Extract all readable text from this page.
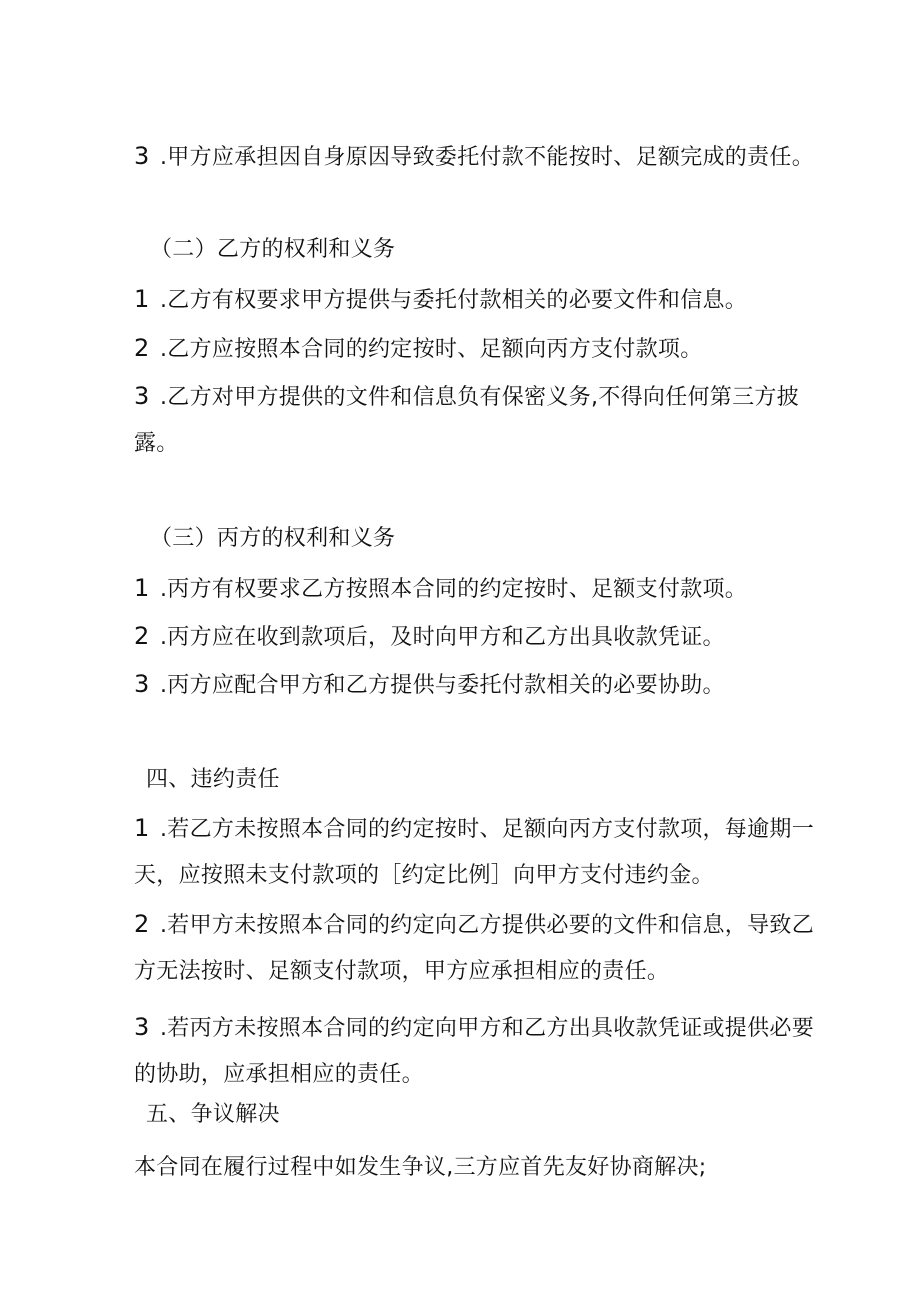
3 .甲方应承担因自身原因导致委托付款不能按时、足额完成的责任。
（二）乙方的权利和义务
1 .乙方有权要求甲方提供与委托付款相关的必要文件和信息。
2 .乙方应按照本合同的约定按时、足额向丙方支付款项。
3 .乙方对甲方提供的文件和信息负有保密义务,不得向任何第三方披
露。
（三）丙方的权利和义务
1 .丙方有权要求乙方按照本合同的约定按时、足额支付款项。
2 .丙方应在收到款项后，及时向甲方和乙方出具收款凭证。
3 .丙方应配合甲方和乙方提供与委托付款相关的必要协助。
四、违约责任
1 .若乙方未按照本合同的约定按时、足额向丙方支付款项，每逾期一
天，应按照未支付款项的［约定比例］向甲方支付违约金。
2 .若甲方未按照本合同的约定向乙方提供必要的文件和信息，导致乙
方无法按时、足额支付款项，甲方应承担相应的责任。
3 .若丙方未按照本合同的约定向甲方和乙方出具收款凭证或提供必要
的协助，应承担相应的责任。
五、争议解决
本合同在履行过程中如发生争议,三方应首先友好协商解决;
